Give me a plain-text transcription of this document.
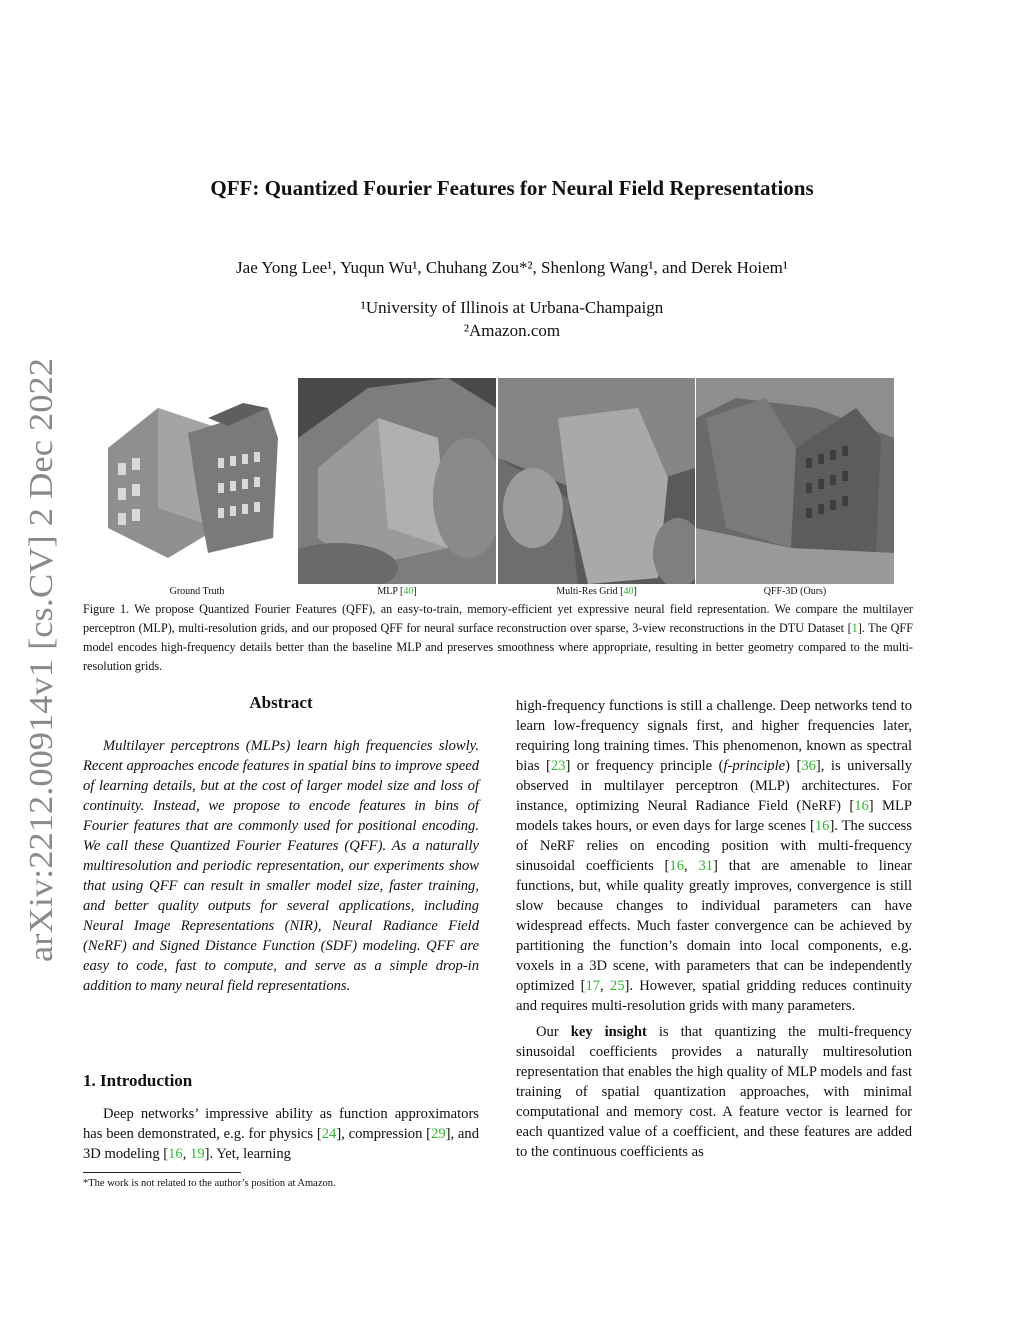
arXiv:2212.00914v1 [cs.CV] 2 Dec 2022
QFF: Quantized Fourier Features for Neural Field Representations
Jae Yong Lee¹, Yuqun Wu¹, Chuhang Zou*², Shenlong Wang¹, and Derek Hoiem¹
¹University of Illinois at Urbana-Champaign
²Amazon.com
Ground Truth	MLP [40]	Multi-Res Grid [40]	QFF-3D (Ours)
Figure 1. We propose Quantized Fourier Features (QFF), an easy-to-train, memory-efficient yet expressive neural field representation. We compare the multilayer perceptron (MLP), multi-resolution grids, and our proposed QFF for neural surface reconstruction over sparse, 3-view reconstructions in the DTU Dataset [1]. The QFF model encodes high-frequency details better than the baseline MLP and preserves smoothness where appropriate, resulting in better geometry compared to the multi-resolution grids.
Abstract
Multilayer perceptrons (MLPs) learn high frequencies slowly. Recent approaches encode features in spatial bins to improve speed of learning details, but at the cost of larger model size and loss of continuity. Instead, we propose to encode features in bins of Fourier features that are commonly used for positional encoding. We call these Quantized Fourier Features (QFF). As a naturally multiresolution and periodic representation, our experiments show that using QFF can result in smaller model size, faster training, and better quality outputs for several applications, including Neural Image Representations (NIR), Neural Radiance Field (NeRF) and Signed Distance Function (SDF) modeling. QFF are easy to code, fast to compute, and serve as a simple drop-in addition to many neural field representations.
1. Introduction
Deep networks’ impressive ability as function approximators has been demonstrated, e.g. for physics [24], compression [29], and 3D modeling [16, 19]. Yet, learning
*The work is not related to the author’s position at Amazon.

high-frequency functions is still a challenge. Deep networks tend to learn low-frequency signals first, and higher frequencies later, requiring long training times. This phenomenon, known as spectral bias [23] or frequency principle (f-principle) [36], is universally observed in multilayer perceptron (MLP) architectures. For instance, optimizing Neural Radiance Field (NeRF) [16] MLP models takes hours, or even days for large scenes [16]. The success of NeRF relies on encoding position with multi-frequency sinusoidal coefficients [16, 31] that are amenable to linear functions, but, while quality greatly improves, convergence is still slow because changes to individual parameters can have widespread effects. Much faster convergence can be achieved by partitioning the function’s domain into local components, e.g. voxels in a 3D scene, with parameters that can be independently optimized [17, 25]. However, spatial gridding reduces continuity and requires multi-resolution grids with many parameters.

Our key insight is that quantizing the multi-frequency sinusoidal coefficients provides a naturally multiresolution representation that enables the high quality of MLP models and fast training of spatial quantization approaches, with minimal computational and memory cost. A feature vector is learned for each quantized value of a coefficient, and these features are added to the continuous coefficients as
